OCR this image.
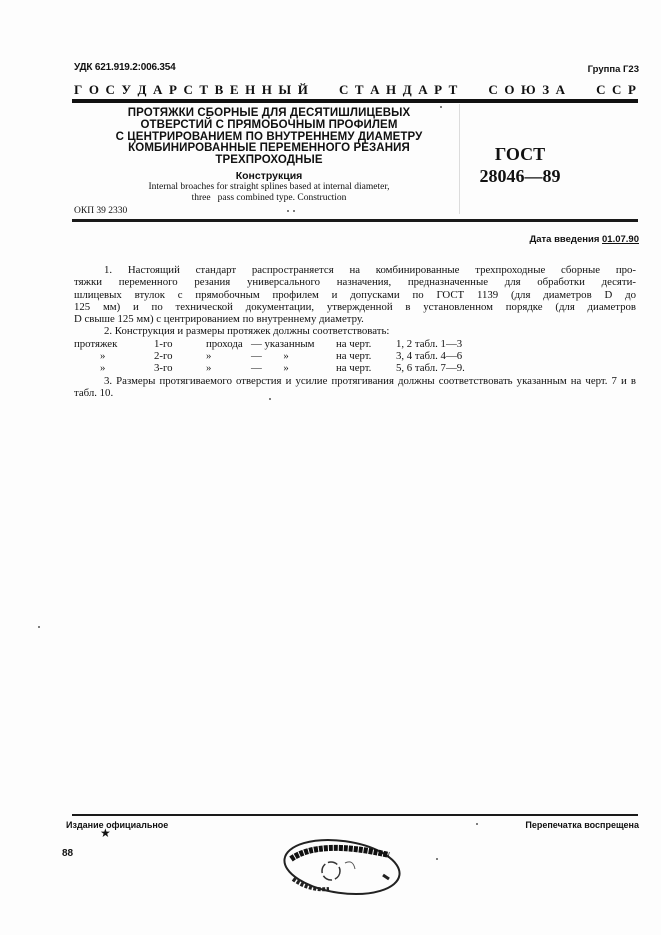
УДК 621.919.2:006.354	Группа Г23
Г О С У Д А Р С Т В Е Н Н Ы Й С Т А Н Д А Р Т С О Ю З А С С Р
ПРОТЯЖКИ СБОРНЫЕ ДЛЯ ДЕСЯТИШЛИЦЕВЫХ
ОТВЕРСТИЙ С ПРЯМОБОЧНЫМ ПРОФИЛЕМ
С ЦЕНТРИРОВАНИЕМ ПО ВНУТРЕННЕМУ ДИАМЕТРУ
КОМБИНИРОВАННЫЕ ПЕРЕМЕННОГО РЕЗАНИЯ
ТРЕХПРОХОДНЫЕ
Конструкция
Internal broaches for straight splines based at internal diameter,
three   pass combined type. Construction
ОКП 39 2330
ГОСТ
28046—89
Дата введения 01.07.90
1. Настоящий стандарт распространяется на комбинированные трехпроходные сборные про-
тяжки переменного резания универсального назначения, предназначенные для обработки десяти-
шлицевых втулок с прямобочным профилем и допусками по ГОСТ 1139 (для диаметров D до
125 мм) и по технической документации, утвержденной в установленном порядке (для диаметров
D свыше 125 мм) с центрированием по внутреннему диаметру.

2. Конструкция и размеры протяжек должны соответствовать:

протяжек	1-го	прохода — указанным	на черт.	1, 2 табл. 1—3
»	2-го	»	—        »	на черт.	3, 4 табл. 4—6
»	3-го	»	—        »	на черт.	5, 6 табл. 7—9.

3. Размеры протягиваемого отверстия и усилие протягивания должны соответствовать указанным на черт. 7 и в табл. 10.

Издание официальное
★
Перепечатка воспрещена
88
